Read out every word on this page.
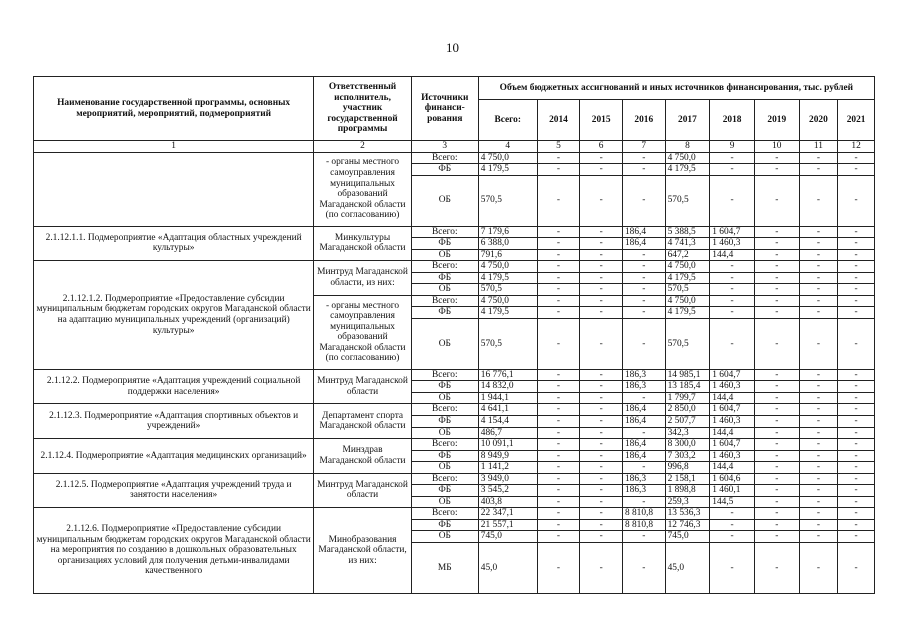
10
Наименование государственной программы, основных мероприятий, мероприятий, подмероприятий	Ответственный исполнитель, участник государственной программы	Источники финанси-рования	Объем бюджетных ассигнований и иных источников финансирования, тыс. рублей								
			Всего:	2014	2015	2016	2017	2018	2019	2020	2021
1	2	3	4	5	6	7	8	9	10	11	12
	- органы местного самоуправления муниципальных образований Магаданской области (по согласованию)	Всего:	4 750,0	-	-	-	4 750,0	-	-	-	-
		ФБ	4 179,5	-	-	-	4 179,5	-	-	-	-
		ОБ	570,5	-	-	-	570,5	-	-	-	-
2.1.12.1.1. Подмероприятие «Адаптация областных учреждений культуры»	Минкультуры Магаданской области	Всего:	7 179,6	-	-	186,4	5 388,5	1 604,7	-	-	-
		ФБ	6 388,0	-	-	186,4	4 741,3	1 460,3	-	-	-
		ОБ	791,6	-	-	-	647,2	144,4	-	-	-
2.1.12.1.2. Подмероприятие «Предоставление субсидии муниципальным бюджетам городских округов Магаданской области на адаптацию муниципальных учреждений (организаций) культуры»	Минтруд Магаданской области, из них:	Всего:	4 750,0	-	-	-	4 750,0	-	-	-	-
		ФБ	4 179,5	-	-	-	4 179,5	-	-	-	-
		ОБ	570,5	-	-	-	570,5	-	-	-	-
	- органы местного самоуправления муниципальных образований Магаданской области (по согласованию)	Всего:	4 750,0	-	-	-	4 750,0	-	-	-	-
		ФБ	4 179,5	-	-	-	4 179,5	-	-	-	-
		ОБ	570,5	-	-	-	570,5	-	-	-	-
2.1.12.2. Подмероприятие «Адаптация учреждений социальной поддержки населения»	Минтруд Магаданской области	Всего:	16 776,1	-	-	186,3	14 985,1	1 604,7	-	-	-
		ФБ	14 832,0	-	-	186,3	13 185,4	1 460,3	-	-	-
		ОБ	1 944,1	-	-	-	1 799,7	144,4	-	-	-
2.1.12.3. Подмероприятие «Адаптация спортивных объектов и учреждений»	Департамент спорта Магаданской области	Всего:	4 641,1	-	-	186,4	2 850,0	1 604,7	-	-	-
		ФБ	4 154,4	-	-	186,4	2 507,7	1 460,3	-	-	-
		ОБ	486,7	-	-	-	342,3	144,4	-	-	-
2.1.12.4. Подмероприятие «Адаптация медицинских организаций»	Минздрав Магаданской области	Всего:	10 091,1	-	-	186,4	8 300,0	1 604,7	-	-	-
		ФБ	8 949,9	-	-	186,4	7 303,2	1 460,3	-	-	-
		ОБ	1 141,2	-	-	-	996,8	144,4	-	-	-
2.1.12.5. Подмероприятие «Адаптация учреждений труда и занятости населения»	Минтруд Магаданской области	Всего:	3 949,0	-	-	186,3	2 158,1	1 604,6	-	-	-
		ФБ	3 545,2	-	-	186,3	1 898,8	1 460,1	-	-	-
		ОБ	403,8	-	-	-	259,3	144,5	-	-	-
2.1.12.6. Подмероприятие «Предоставление субсидии муниципальным бюджетам городских округов Магаданской области на мероприятия по созданию в дошкольных образовательных организациях условий для получения детьми-инвалидами качественного	Минобразования Магаданской области, из них:	Всего:	22 347,1	-	-	8 810,8	13 536,3	-	-	-	-
		ФБ	21 557,1	-	-	8 810,8	12 746,3	-	-	-	-
		ОБ	745,0	-	-	-	745,0	-	-	-	-
		МБ	45,0	-	-	-	45,0	-	-	-	-
